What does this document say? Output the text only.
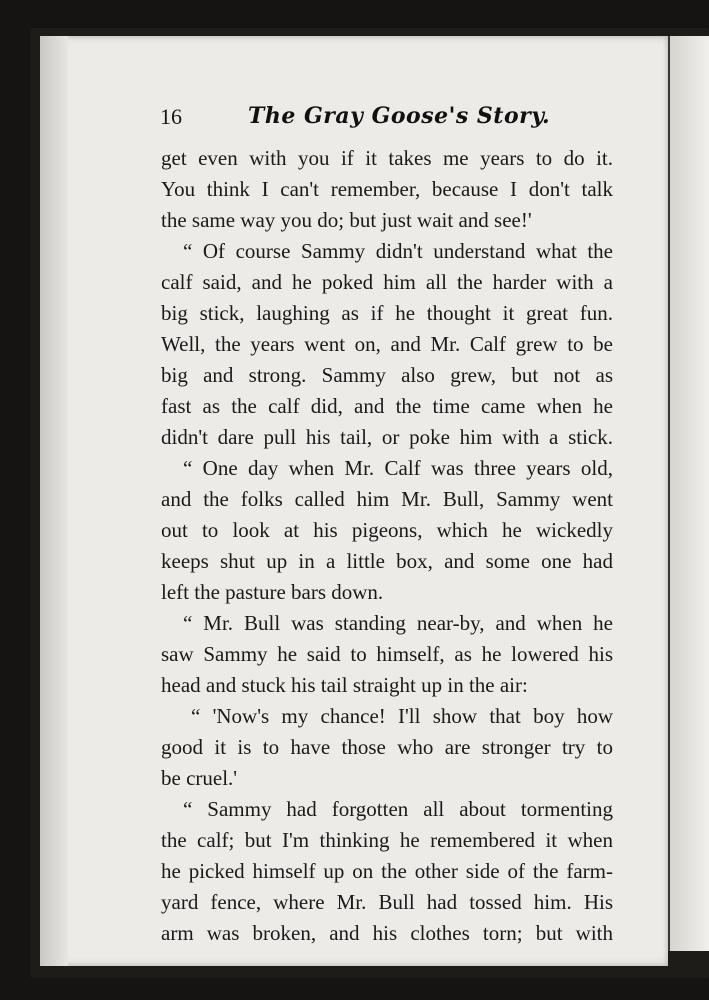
16	The Gray Goose's Story.
get even with you if it takes me years to do it.
You think I can't remember, because I don't talk
the same way you do; but just wait and see!'
“ Of course Sammy didn't understand what the
calf said, and he poked him all the harder with a
big stick, laughing as if he thought it great fun.
Well, the years went on, and Mr. Calf grew to be
big and strong. Sammy also grew, but not as
fast as the calf did, and the time came when he
didn't dare pull his tail, or poke him with a stick.
“ One day when Mr. Calf was three years old,
and the folks called him Mr. Bull, Sammy went
out to look at his pigeons, which he wickedly
keeps shut up in a little box, and some one had
left the pasture bars down.
“ Mr. Bull was standing near-by, and when he
saw Sammy he said to himself, as he lowered his
head and stuck his tail straight up in the air:
“ 'Now's my chance! I'll show that boy how
good it is to have those who are stronger try to
be cruel.'
“ Sammy had forgotten all about tormenting
the calf; but I'm thinking he remembered it when
he picked himself up on the other side of the farm-
yard fence, where Mr. Bull had tossed him. His
arm was broken, and his clothes torn; but with
